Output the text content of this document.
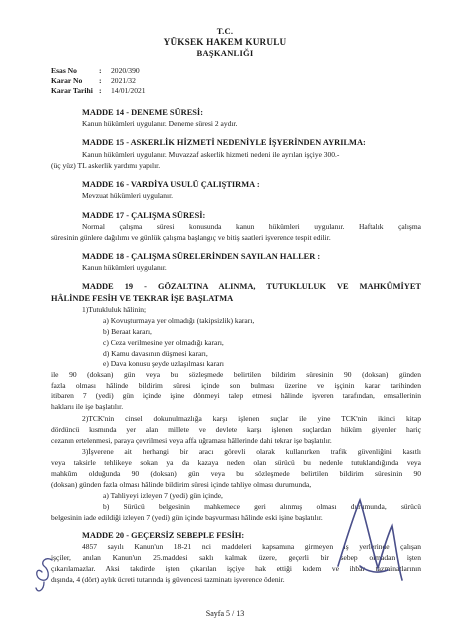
T.C.
YÜKSEK HAKEM KURULU
BAŞKANLIĞI
Esas No	: 2020/390
Karar No : 2021/32
Karar Tarihi : 14/01/2021
MADDE 14 - DENEME SÜRESİ:
Kanun hükümleri uygulanır. Deneme süresi 2 aydır.
MADDE 15 - ASKERLİK HİZMETİ NEDENİYLE İŞYERİNDEN AYRILMA:
Kanun hükümleri uygulanır. Muvazzaf askerlik hizmeti nedeni ile ayrılan işçiye 300.-
(üç yüz) TL askerlik yardımı yapılır.
MADDE 16 - VARDİYA USULÜ ÇALIŞTIRMA :
Mevzuat hükümleri uygulanır.
MADDE 17 - ÇALIŞMA SÜRESİ:
Normal çalışma süresi konusunda kanun hükümleri uygulanır. Haftalık çalışma
süresinin günlere dağılımı ve günlük çalışma başlangıç ve bitiş saatleri işverence tespit edilir.
MADDE 18 - ÇALIŞMA SÜRELERİNDEN SAYILAN HALLER :
Kanun hükümleri uygulanır.
MADDE 19 - GÖZALTINA ALINMA, TUTUKLULUK VE MAHKÛMİYET
HÂLİNDE FESİH VE TEKRAR İŞE BAŞLATMA
1)Tutukluluk hâlinin;
a) Kovuşturmaya yer olmadığı (takipsizlik) kararı,
b) Beraat kararı,
c) Ceza verilmesine yer olmadığı kararı,
d) Kamu davasının düşmesi kararı,
e) Dava konusu şeyde uzlaşılması kararı
ile 90 (doksan) gün veya bu sözleşmede belirtilen bildirim süresinin 90 (doksan) günden
fazla olması hâlinde bildirim süresi içinde son bulması üzerine ve işçinin karar tarihinden
itibaren 7 (yedi) gün içinde işine dönmeyi talep etmesi hâlinde işveren tarafından, emsallerinin
haklarıı ile işe başlatılır.
2)TCK'nin cinsel dokunulmazlığa karşı işlenen suçlar ile yine TCK'nin ikinci kitap
dördüncü kısmında yer alan millete ve devlete karşı işlenen suçlardan hüküm giyenler hariç
cezanın ertelenmesi, paraya çevrilmesi veya affa uğraması hâllerinde dahi tekrar işe başlatılır.
3)İşverene ait herhangi bir aracı görevli olarak kullanırken trafik güvenliğini kasıtlı
veya taksirle tehlikeye sokan ya da kazaya neden olan sürücü bu nedenle tutuklandığında veya
mahkûm olduğunda 90 (doksan) gün veya bu sözleşmede belirtilen bildirim süresinin 90
(doksan) günden fazla olması hâlinde bildirim süresi içinde tahliye olması durumunda,
a) Tahliyeyi izleyen 7 (yedi) gün içinde,
b) Sürücü belgesinin mahkemece geri alınmış olması durumunda, sürücü
belgesinin iade edildiği izleyen 7 (yedi) gün içinde başvurması hâlinde eski işine başlatılır.
MADDE 20 - GEÇERSİZ SEBEPLE FESİH:
4857 sayılı Kanun'un 18-21 nci maddeleri kapsamına girmeyen iş yerlerinde çalışan
işçiler, anılan Kanun'un 25.maddesi saklı kalmak üzere, geçerli bir sebep olmadan işten
çıkarılamazlar. Aksi takdirde işten çıkarılan işçiye hak ettiği kıdem ve ihbar tazminatlarının
dışında, 4 (dört) aylık ücreti tutarında iş güvencesi tazminatı işverence ödenir.
Sayfa 5 / 13
